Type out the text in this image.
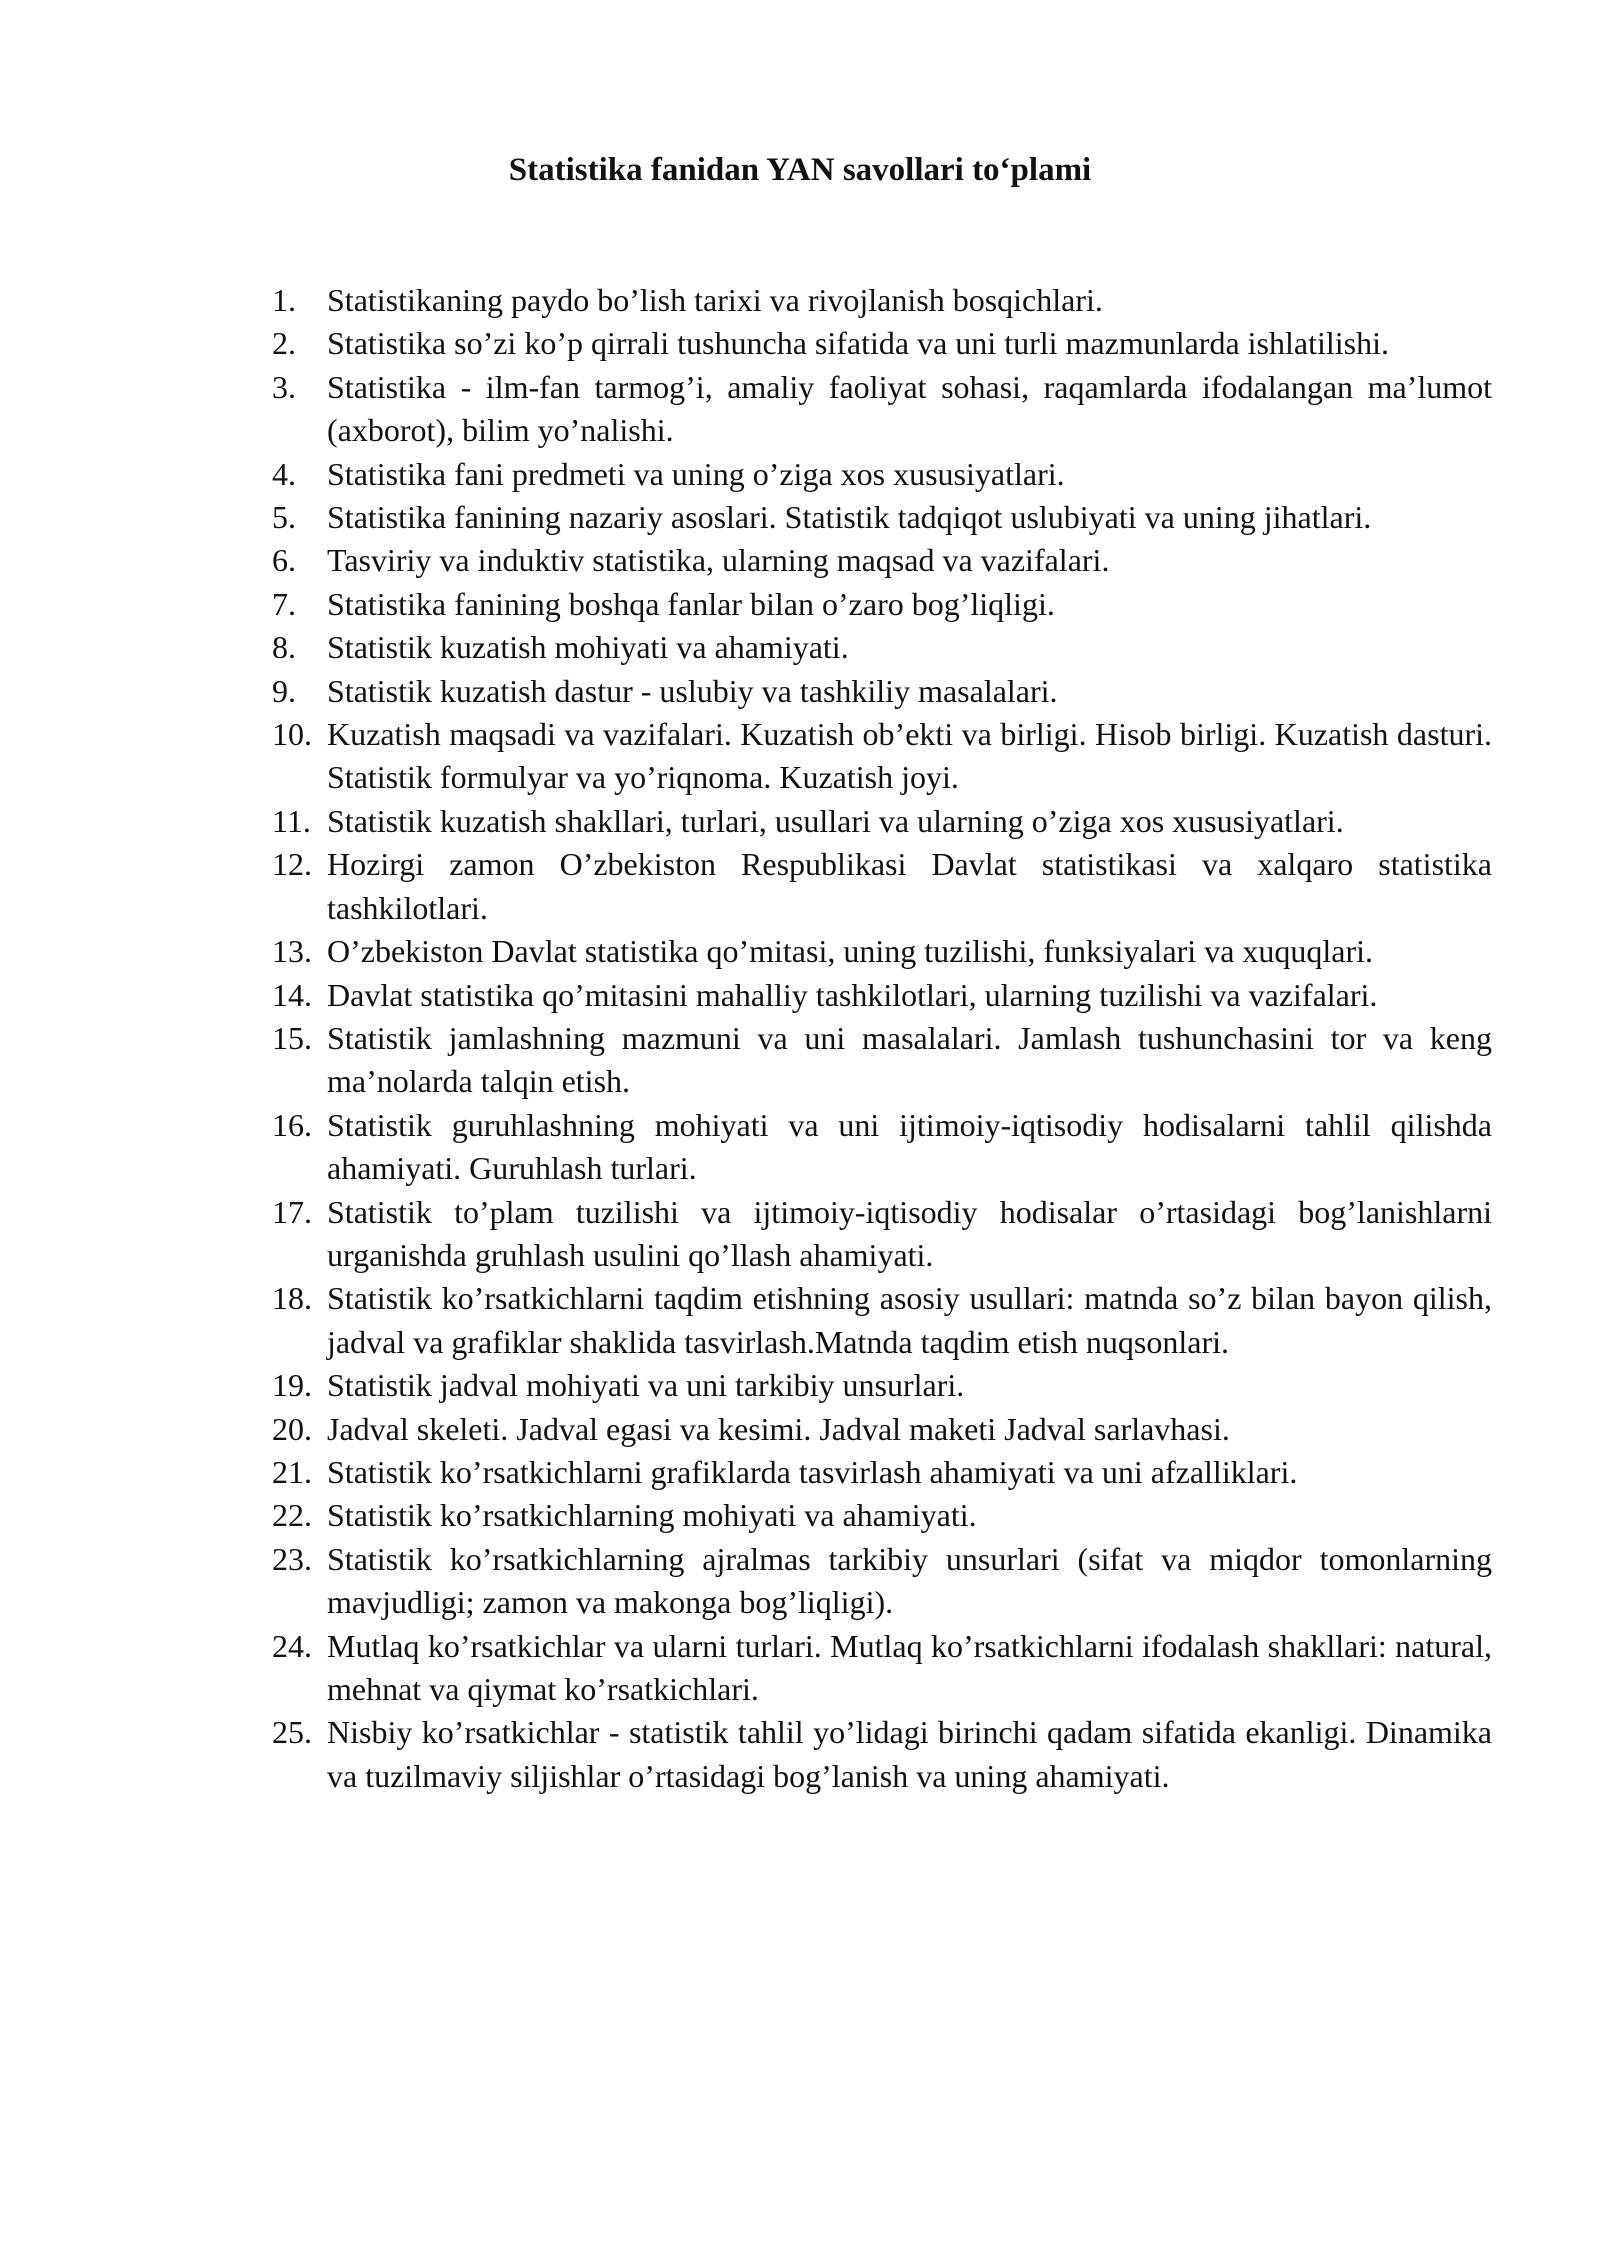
Statistika fanidan YAN savollari to‘plami
1. Statistikaning paydo bo’lish tarixi va rivojlanish bosqichlari.
2. Statistika so’zi ko’p qirrali tushuncha sifatida va uni turli mazmunlarda ishlatilishi.
3. Statistika - ilm-fan tarmog’i, amaliy faoliyat sohasi, raqamlarda ifodalangan ma’lumot (axborot), bilim yo’nalishi.
4. Statistika fani predmeti va uning o’ziga xos xususiyatlari.
5. Statistika fanining nazariy asoslari. Statistik tadqiqot uslubiyati va uning jihatlari.
6. Tasviriy va induktiv statistika, ularning maqsad va vazifalari.
7. Statistika fanining boshqa fanlar bilan o’zaro bog’liqligi.
8. Statistik kuzatish mohiyati va ahamiyati.
9. Statistik kuzatish dastur - uslubiy va tashkiliy masalalari.
10. Kuzatish maqsadi va vazifalari. Kuzatish ob’ekti va birligi. Hisob birligi. Kuzatish dasturi. Statistik formulyar va yo’riqnoma. Kuzatish joyi.
11. Statistik kuzatish shakllari, turlari, usullari va ularning o’ziga xos xususiyatlari.
12. Hozirgi zamon O’zbekiston Respublikasi Davlat statistikasi va xalqaro statistika tashkilotlari.
13. O’zbekiston Davlat statistika qo’mitasi, uning tuzilishi, funksiyalari va xuquqlari.
14. Davlat statistika qo’mitasini mahalliy tashkilotlari, ularning tuzilishi va vazifalari.
15. Statistik jamlashning mazmuni va uni masalalari. Jamlash tushunchasini tor va keng ma’nolarda talqin etish.
16. Statistik guruhlashning mohiyati va uni ijtimoiy-iqtisodiy hodisalarni tahlil qilishda ahamiyati. Guruhlash turlari.
17. Statistik to’plam tuzilishi va ijtimoiy-iqtisodiy hodisalar o’rtasidagi bog’lanishlarni urganishda gruhlash usulini qo’llash ahamiyati.
18. Statistik ko’rsatkichlarni taqdim etishning asosiy usullari: matnda so’z bilan bayon qilish, jadval va grafiklar shaklida tasvirlash.Matnda taqdim etish nuqsonlari.
19. Statistik jadval mohiyati va uni tarkibiy unsurlari.
20. Jadval skeleti. Jadval egasi va kesimi. Jadval maketi Jadval sarlavhasi.
21. Statistik ko’rsatkichlarni grafiklarda tasvirlash ahamiyati va uni afzalliklari.
22. Statistik ko’rsatkichlarning mohiyati va ahamiyati.
23. Statistik ko’rsatkichlarning ajralmas tarkibiy unsurlari (sifat va miqdor tomonlarning mavjudligi; zamon va makonga bog’liqligi).
24. Mutlaq ko’rsatkichlar va ularni turlari. Mutlaq ko’rsatkichlarni ifodalash shakllari: natural, mehnat va qiymat ko’rsatkichlari.
25. Nisbiy ko’rsatkichlar - statistik tahlil yo’lidagi birinchi qadam sifatida ekanligi. Dinamika va tuzilmaviy siljishlar o’rtasidagi bog’lanish va uning ahamiyati.
